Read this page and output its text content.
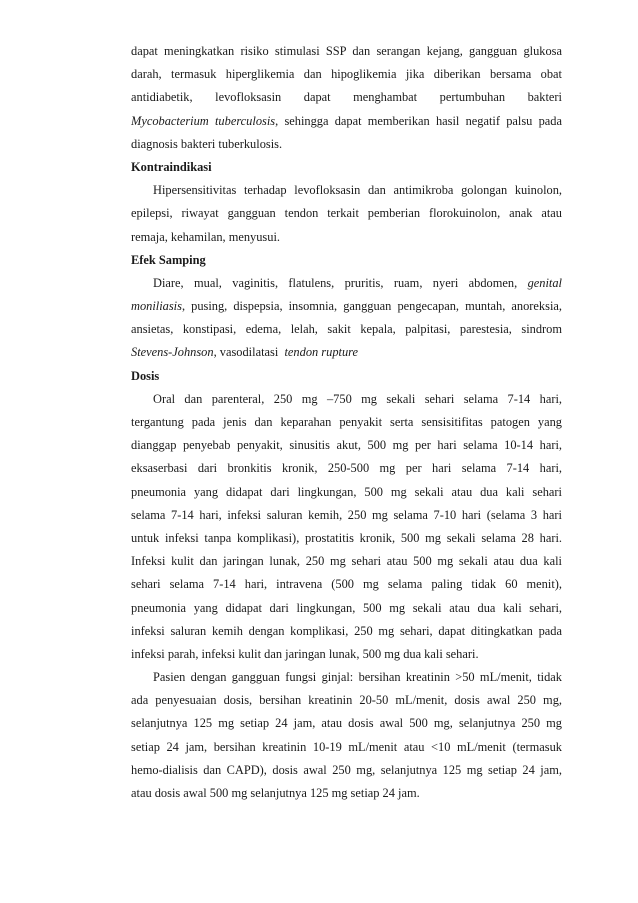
dapat meningkatkan risiko stimulasi SSP dan serangan kejang, gangguan glukosa
darah, termasuk hiperglikemia dan hipoglikemia jika diberikan bersama obat
antidiabetik, levofloksasin dapat menghambat pertumbuhan bakteri
Mycobacterium tuberculosis, sehingga dapat memberikan hasil negatif palsu pada
diagnosis bakteri tuberkulosis.
Kontraindikasi
Hipersensitivitas terhadap levofloksasin dan antimikroba golongan kuinolon,
epilepsi, riwayat gangguan tendon terkait pemberian florokuinolon, anak atau
remaja, kehamilan, menyusui.
Efek Samping
Diare, mual, vaginitis, flatulens, pruritis, ruam, nyeri abdomen, genital
moniliasis, pusing, dispepsia, insomnia, gangguan pengecapan, muntah, anoreksia,
ansietas, konstipasi, edema, lelah, sakit kepala, palpitasi, parestesia, sindrom
Stevens-Johnson, vasodilatasi tendon rupture
Dosis
Oral dan parenteral, 250 mg –750 mg sekali sehari selama 7-14 hari,
tergantung pada jenis dan keparahan penyakit serta sensisitifitas patogen yang
dianggap penyebab penyakit, sinusitis akut, 500 mg per hari selama 10-14 hari,
eksaserbasi dari bronkitis kronik, 250-500 mg per hari selama 7-14 hari,
pneumonia yang didapat dari lingkungan, 500 mg sekali atau dua kali sehari
selama 7-14 hari, infeksi saluran kemih, 250 mg selama 7-10 hari (selama 3 hari
untuk infeksi tanpa komplikasi), prostatitis kronik, 500 mg sekali selama 28 hari.
Infeksi kulit dan jaringan lunak, 250 mg sehari atau 500 mg sekali atau dua kali
sehari selama 7-14 hari, intravena (500 mg selama paling tidak 60 menit),
pneumonia yang didapat dari lingkungan, 500 mg sekali atau dua kali sehari,
infeksi saluran kemih dengan komplikasi, 250 mg sehari, dapat ditingkatkan pada
infeksi parah, infeksi kulit dan jaringan lunak, 500 mg dua kali sehari.
Pasien dengan gangguan fungsi ginjal: bersihan kreatinin >50 mL/menit, tidak
ada penyesuaian dosis, bersihan kreatinin 20-50 mL/menit, dosis awal 250 mg,
selanjutnya 125 mg setiap 24 jam, atau dosis awal 500 mg, selanjutnya 250 mg
setiap 24 jam, bersihan kreatinin 10-19 mL/menit atau <10 mL/menit (termasuk
hemo-dialisis dan CAPD), dosis awal 250 mg, selanjutnya 125 mg setiap 24 jam,
atau dosis awal 500 mg selanjutnya 125 mg setiap 24 jam.
